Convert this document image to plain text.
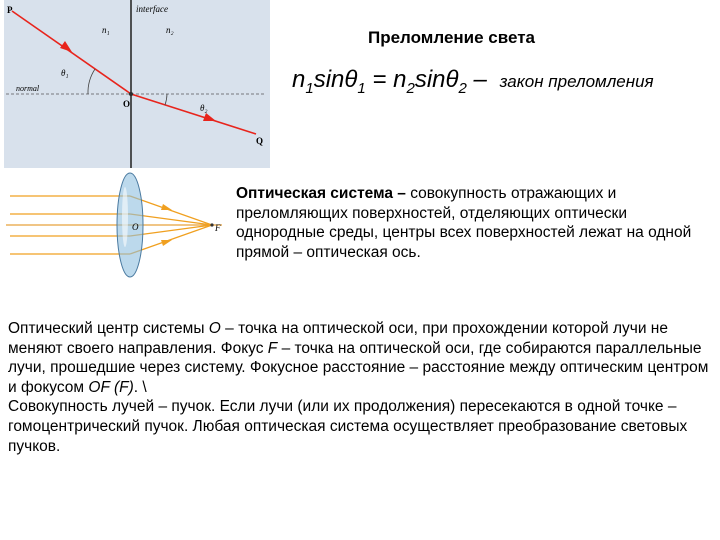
P	interface
n₁	n₂
θ₁
normal
O	θ₂
Q
O	F
Преломление света
$n_1\sin\theta_1 = n_2\sin\theta_2$ – закон преломления
Оптическая система – совокупность отражающих и преломляющих поверхностей, отделяющих оптически однородные среды, центры всех поверхностей лежат на одной прямой – оптическая ось.

Оптический центр системы O – точка на оптической оси, при прохождении которой лучи не меняют своего направления. Фокус F – точка на оптической оси, где собираются параллельные лучи, прошедшие через систему. Фокусное расстояние – расстояние между оптическим центром и фокусом OF (F). \

Совокупность лучей – пучок. Если лучи (или их продолжения) пересекаются в одной точке – гомоцентрический пучок. Любая оптическая система осуществляет преобразование световых пучков.
